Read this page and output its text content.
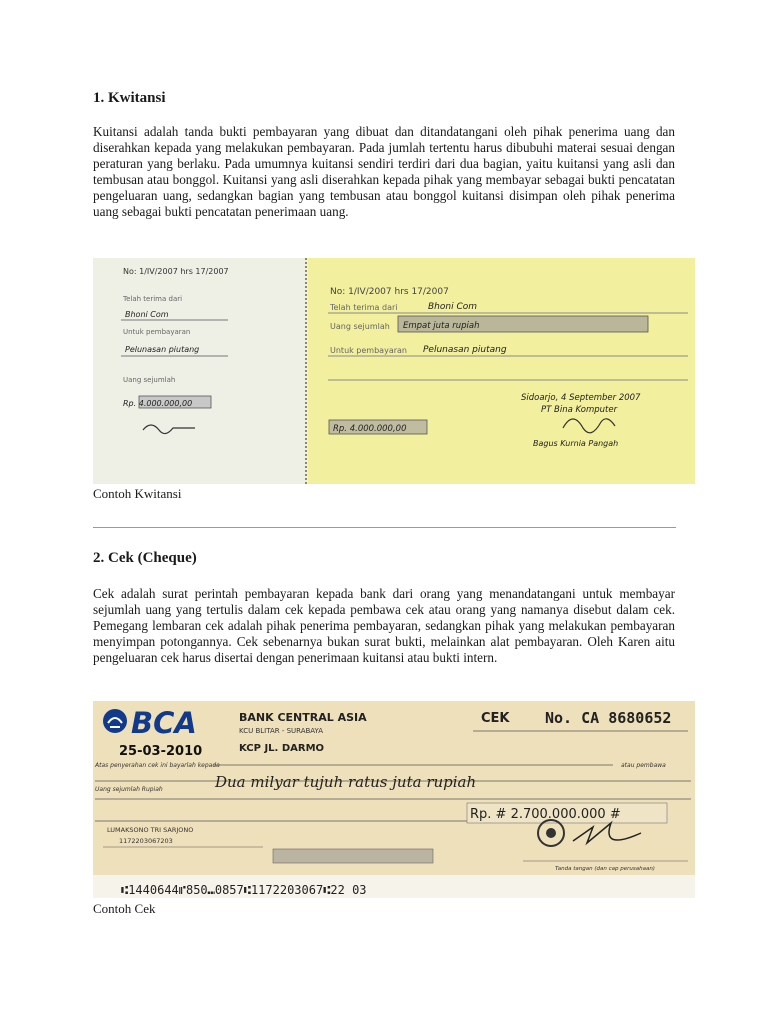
1. Kwitansi

Kuitansi adalah tanda bukti pembayaran yang dibuat dan ditandatangani oleh pihak penerima uang dan diserahkan kepada yang melakukan pembayaran. Pada jumlah tertentu harus dibubuhi materai sesuai dengan peraturan yang berlaku. Pada umumnya kuitansi sendiri terdiri dari dua bagian, yaitu kuitansi yang asli dan tembusan atau bonggol. Kuitansi yang asli diserahkan kepada pihak yang membayar sebagai bukti pencatatan pengeluaran uang, sedangkan bagian yang tembusan atau bonggol kuitansi disimpan oleh pihak penerima uang sebagai bukti pencatatan penerimaan uang.

No: 1/IV/2007 hrs 17/2007
Telah terima dari
Bhoni Com
Untuk pembayaran
Pelunasan piutang
Uang sejumlah
Rp. 4.000.000,00
No: 1/IV/2007 hrs 17/2007
Telah terima dari	Bhoni Com
Uang sejumlah Empat juta rupiah
Untuk pembayaran Pelunasan piutang
Sidoarjo, 4 September 2007
PT Bina Komputer
Rp. 4.000.000,00
Bagus Kurnia Pangah

Contoh Kwitansi

2. Cek (Cheque)

Cek adalah surat perintah pembayaran kepada bank dari orang yang menandatangani untuk membayar sejumlah uang yang tertulis dalam cek kepada pembawa cek atau orang yang namanya disebut dalam cek. Pemegang lembaran cek adalah pihak penerima pembayaran, sedangkan pihak yang melakukan pembayaran menyimpan potongannya. Cek sebenarnya bukan surat bukti, melainkan alat pembayaran. Oleh Karen aitu pengeluaran cek harus disertai dengan penerimaan kuitansi atau bukti intern.

BCA	BANK CENTRAL ASIA
KCU BLITAR - SURABAYA
KCP JL. DARMO
CEK No. CA 8680652
25-03-2010
Atas penyerahan cek ini bayarlah kepada	atau pembawa
Dua milyar tujuh ratus juta rupiah
Uang sejumlah Rupiah
Rp. # 2.700.000.000 #
LUMAKSONO TRI SARJONO
1172203067203
Tanda tangan (dan cap perusahaan)
⑆1440644⑈850⑉0857⑆1172203067⑆22 03

Contoh Cek
